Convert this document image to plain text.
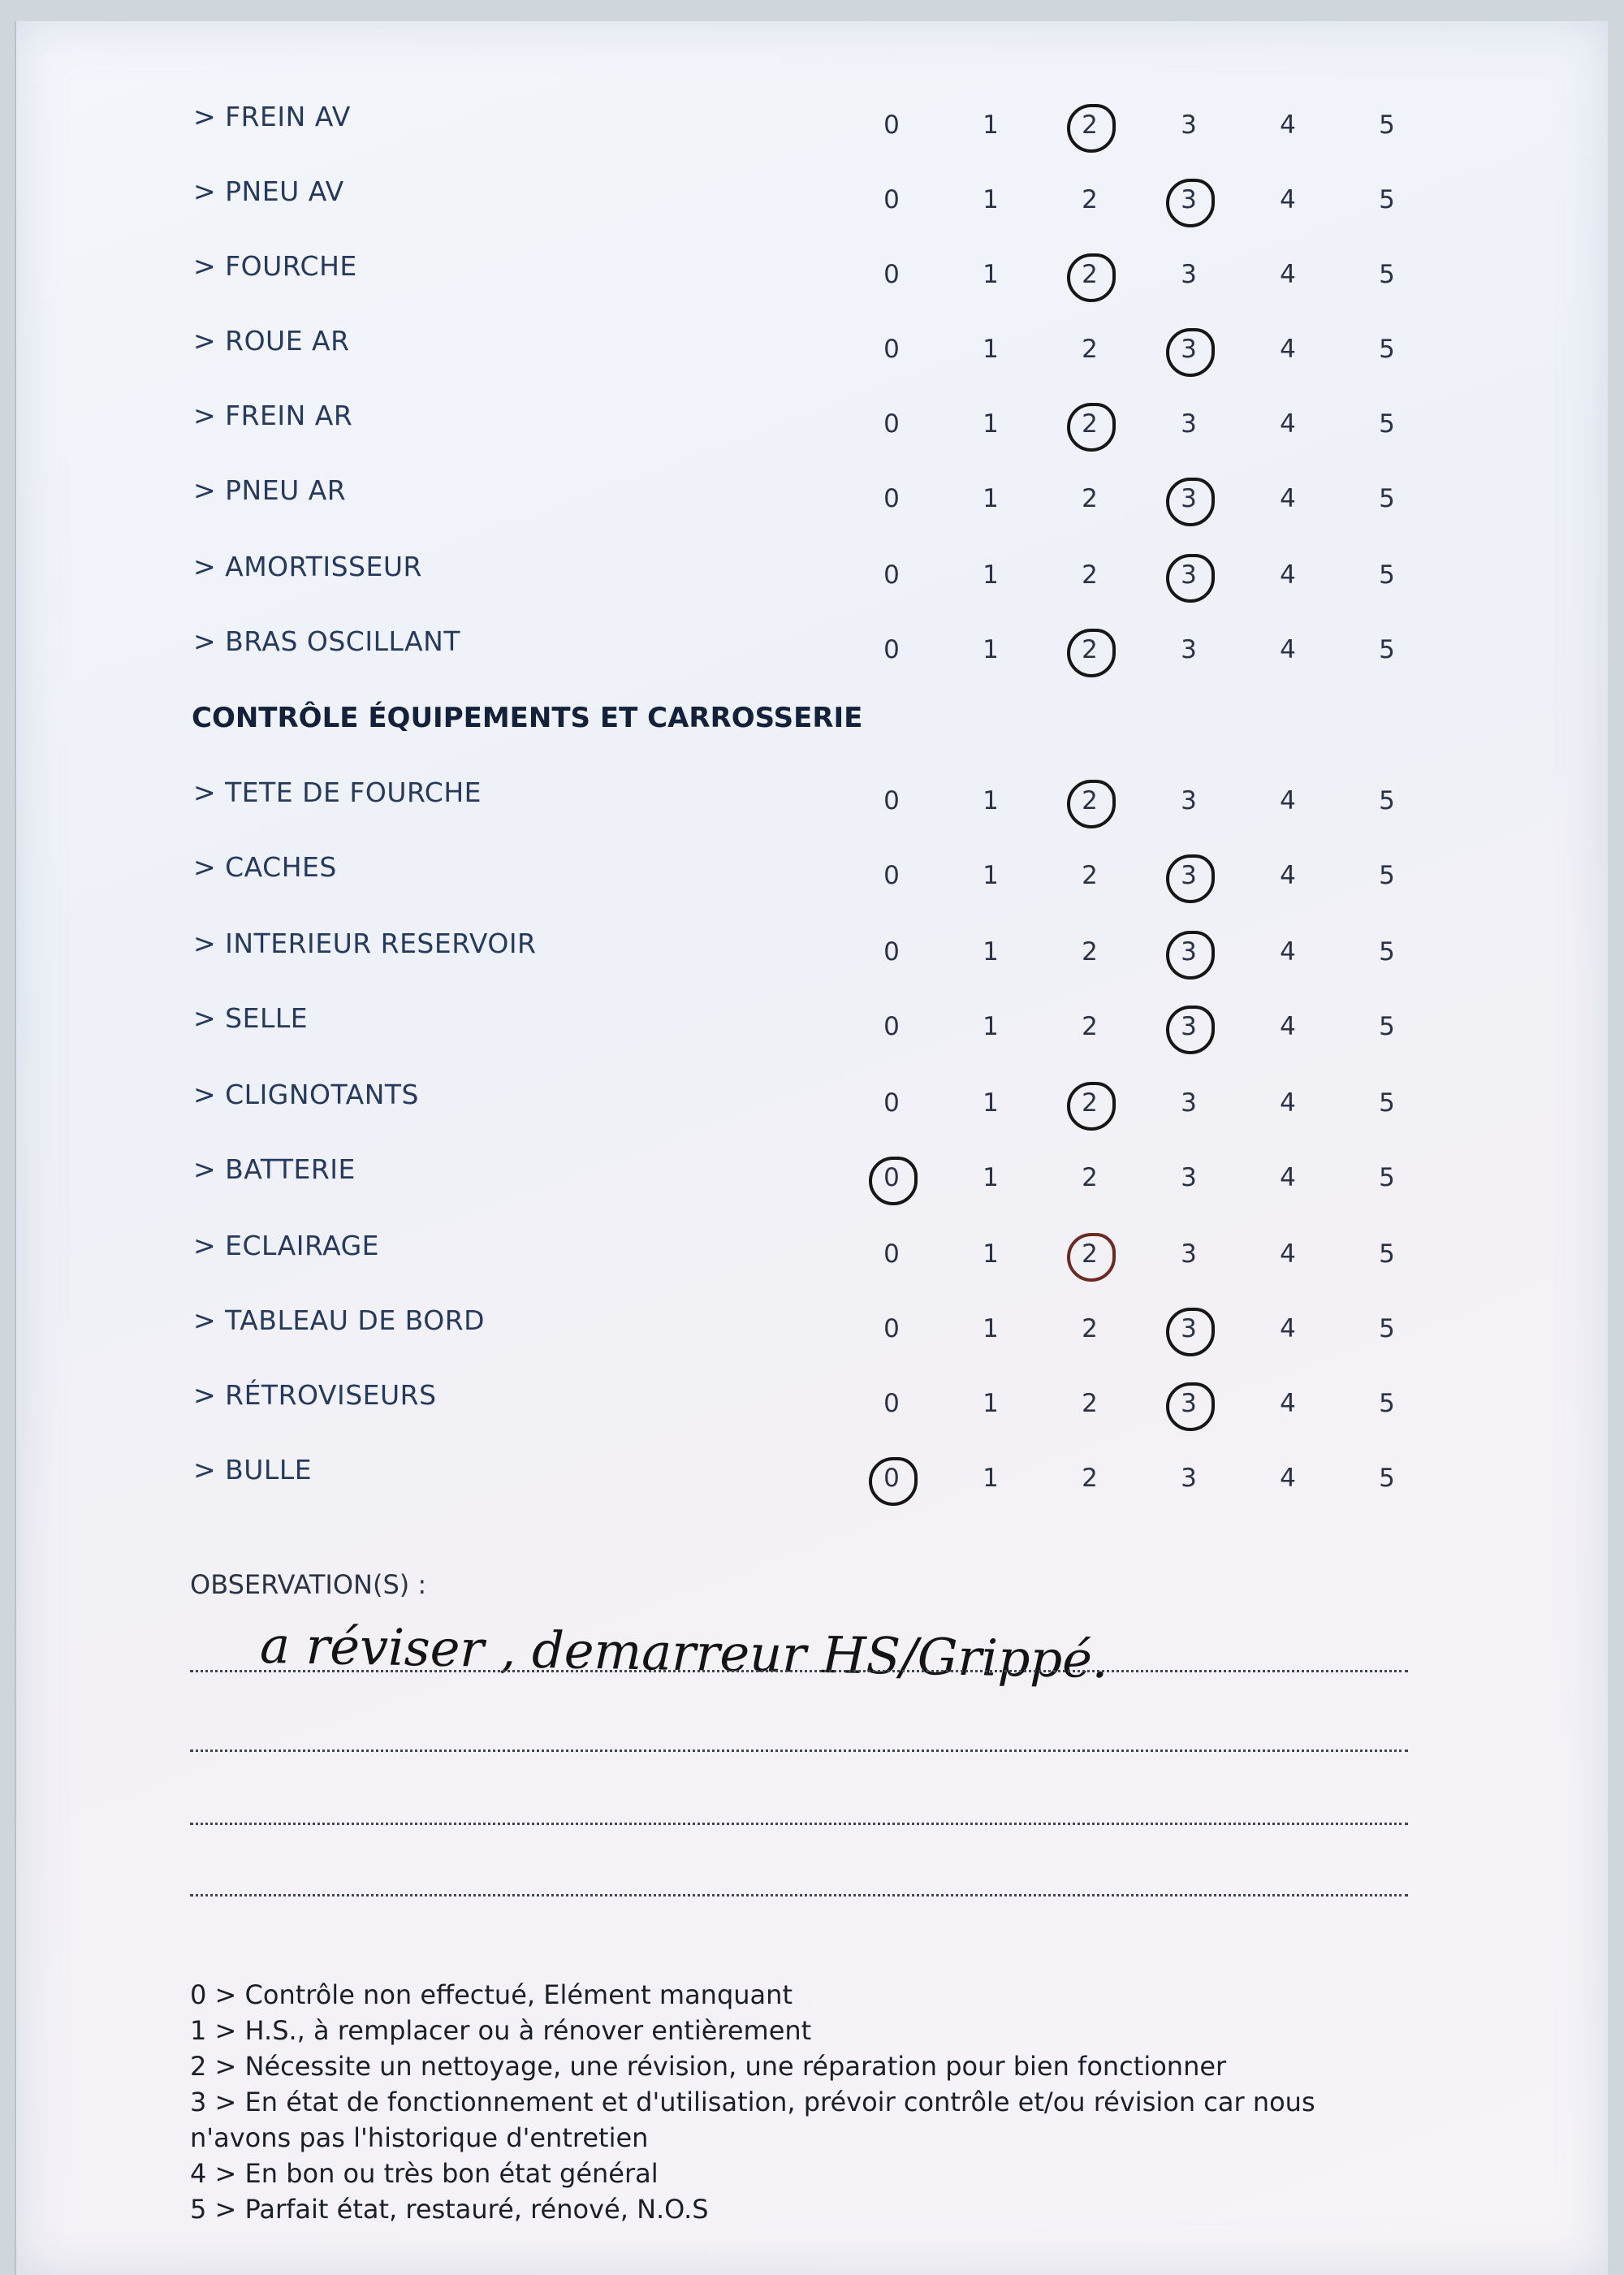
> FREIN AV	0	1	2	3	4	5
> PNEU AV	0	1	2	3	4	5
> FOURCHE	0	1	2	3	4	5
> ROUE AR	0	1	2	3	4	5
> FREIN AR	0	1	2	3	4	5
> PNEU AR	0	1	2	3	4	5
> AMORTISSEUR	0	1	2	3	4	5
> BRAS OSCILLANT	0	1	2	3	4	5
CONTRÔLE ÉQUIPEMENTS ET CARROSSERIE
> TETE DE FOURCHE	0	1	2	3	4	5
> CACHES	0	1	2	3	4	5
> INTERIEUR RESERVOIR	0	1	2	3	4	5
> SELLE	0	1	2	3	4	5
> CLIGNOTANTS	0	1	2	3	4	5
> BATTERIE	0	1	2	3	4	5
> ECLAIRAGE	0	1	2	3	4	5
> TABLEAU DE BORD	0	1	2	3	4	5
> RÉTROVISEURS	0	1	2	3	4	5
> BULLE	0	1	2	3	4	5
OBSERVATION(S) :
a réviser , demarreur HS/Grippé.
0 > Contrôle non effectué, Elément manquant
1 > H.S., à remplacer ou à rénover entièrement
2 > Nécessite un nettoyage, une révision, une réparation pour bien fonctionner
3 > En état de fonctionnement et d'utilisation, prévoir contrôle et/ou révision car nous
n'avons pas l'historique d'entretien
4 > En bon ou très bon état général
5 > Parfait état, restauré, rénové, N.O.S
